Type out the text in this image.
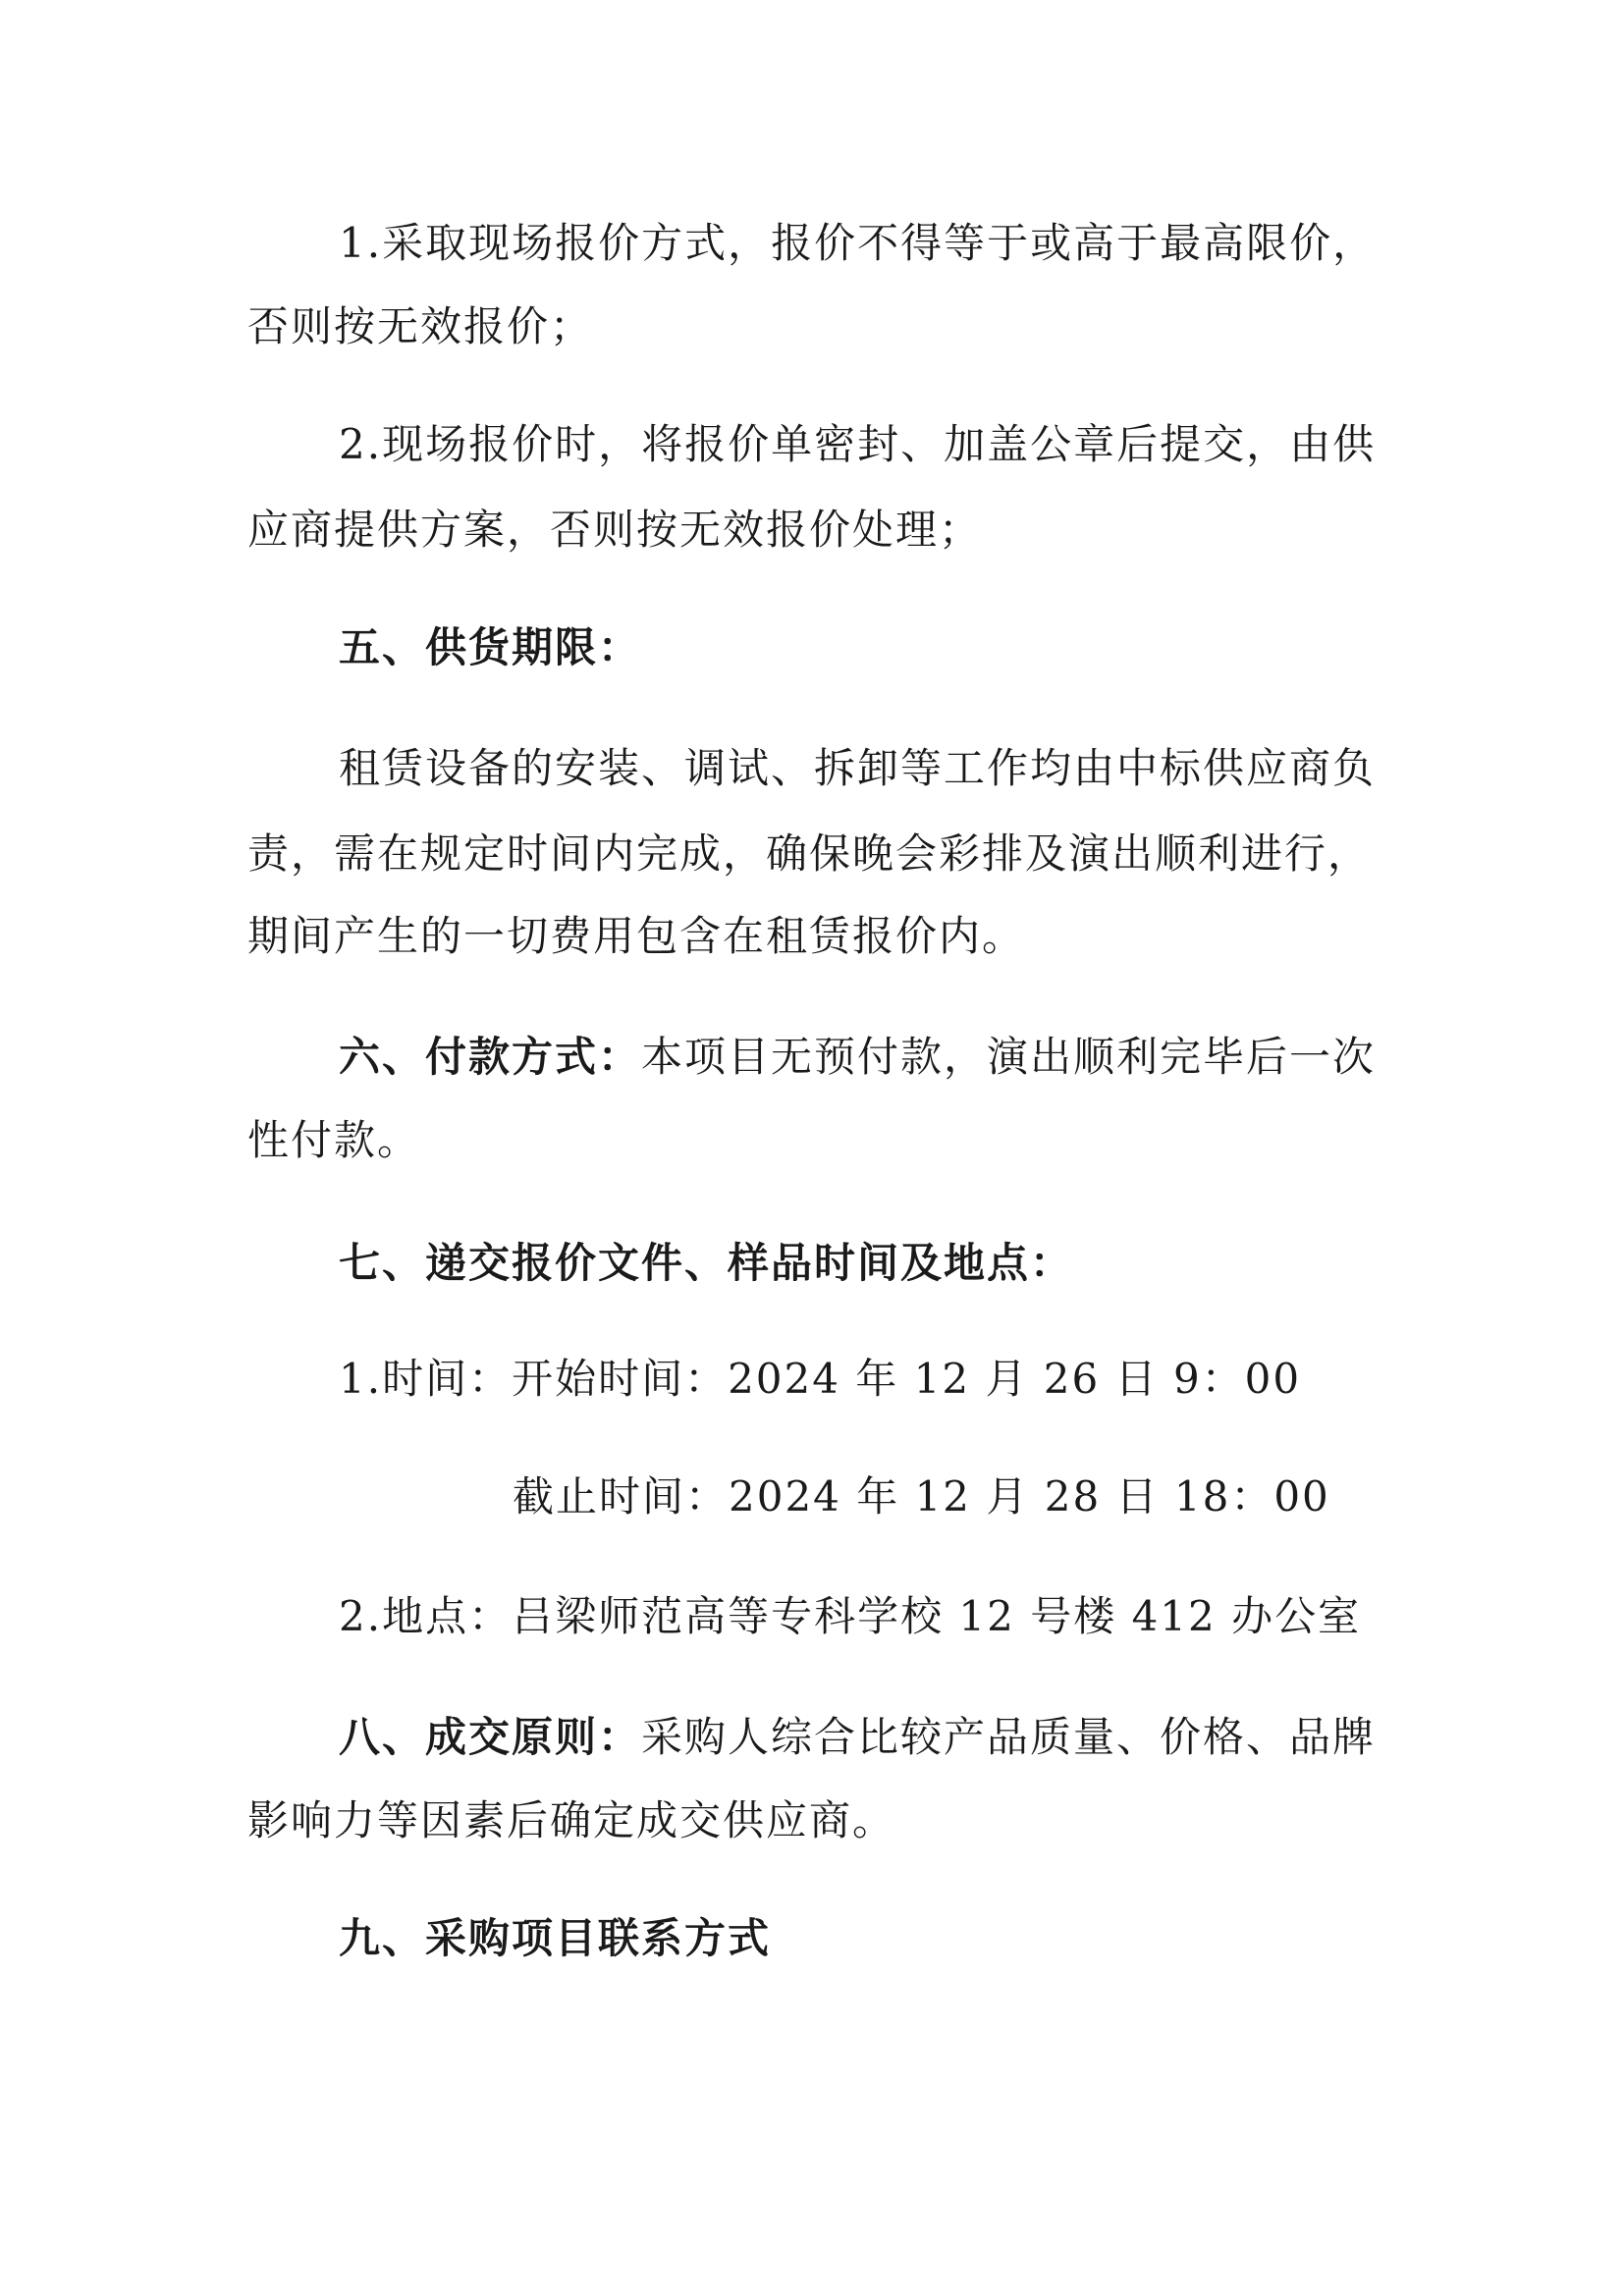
1.采取现场报价方式，报价不得等于或高于最高限价，
否则按无效报价；
2.现场报价时，将报价单密封、加盖公章后提交，由供
应商提供方案，否则按无效报价处理；
五、供货期限：
租赁设备的安装、调试、拆卸等工作均由中标供应商负
责，需在规定时间内完成，确保晚会彩排及演出顺利进行，
期间产生的一切费用包含在租赁报价内。
六、付款方式：本项目无预付款，演出顺利完毕后一次
性付款。
七、递交报价文件、样品时间及地点：
1.时间：开始时间：2024 年 12 月 26 日 9：00
截止时间：2024 年 12 月 28 日 18：00
2.地点：吕梁师范高等专科学校 12 号楼 412 办公室
八、成交原则：采购人综合比较产品质量、价格、品牌
影响力等因素后确定成交供应商。
九、采购项目联系方式
